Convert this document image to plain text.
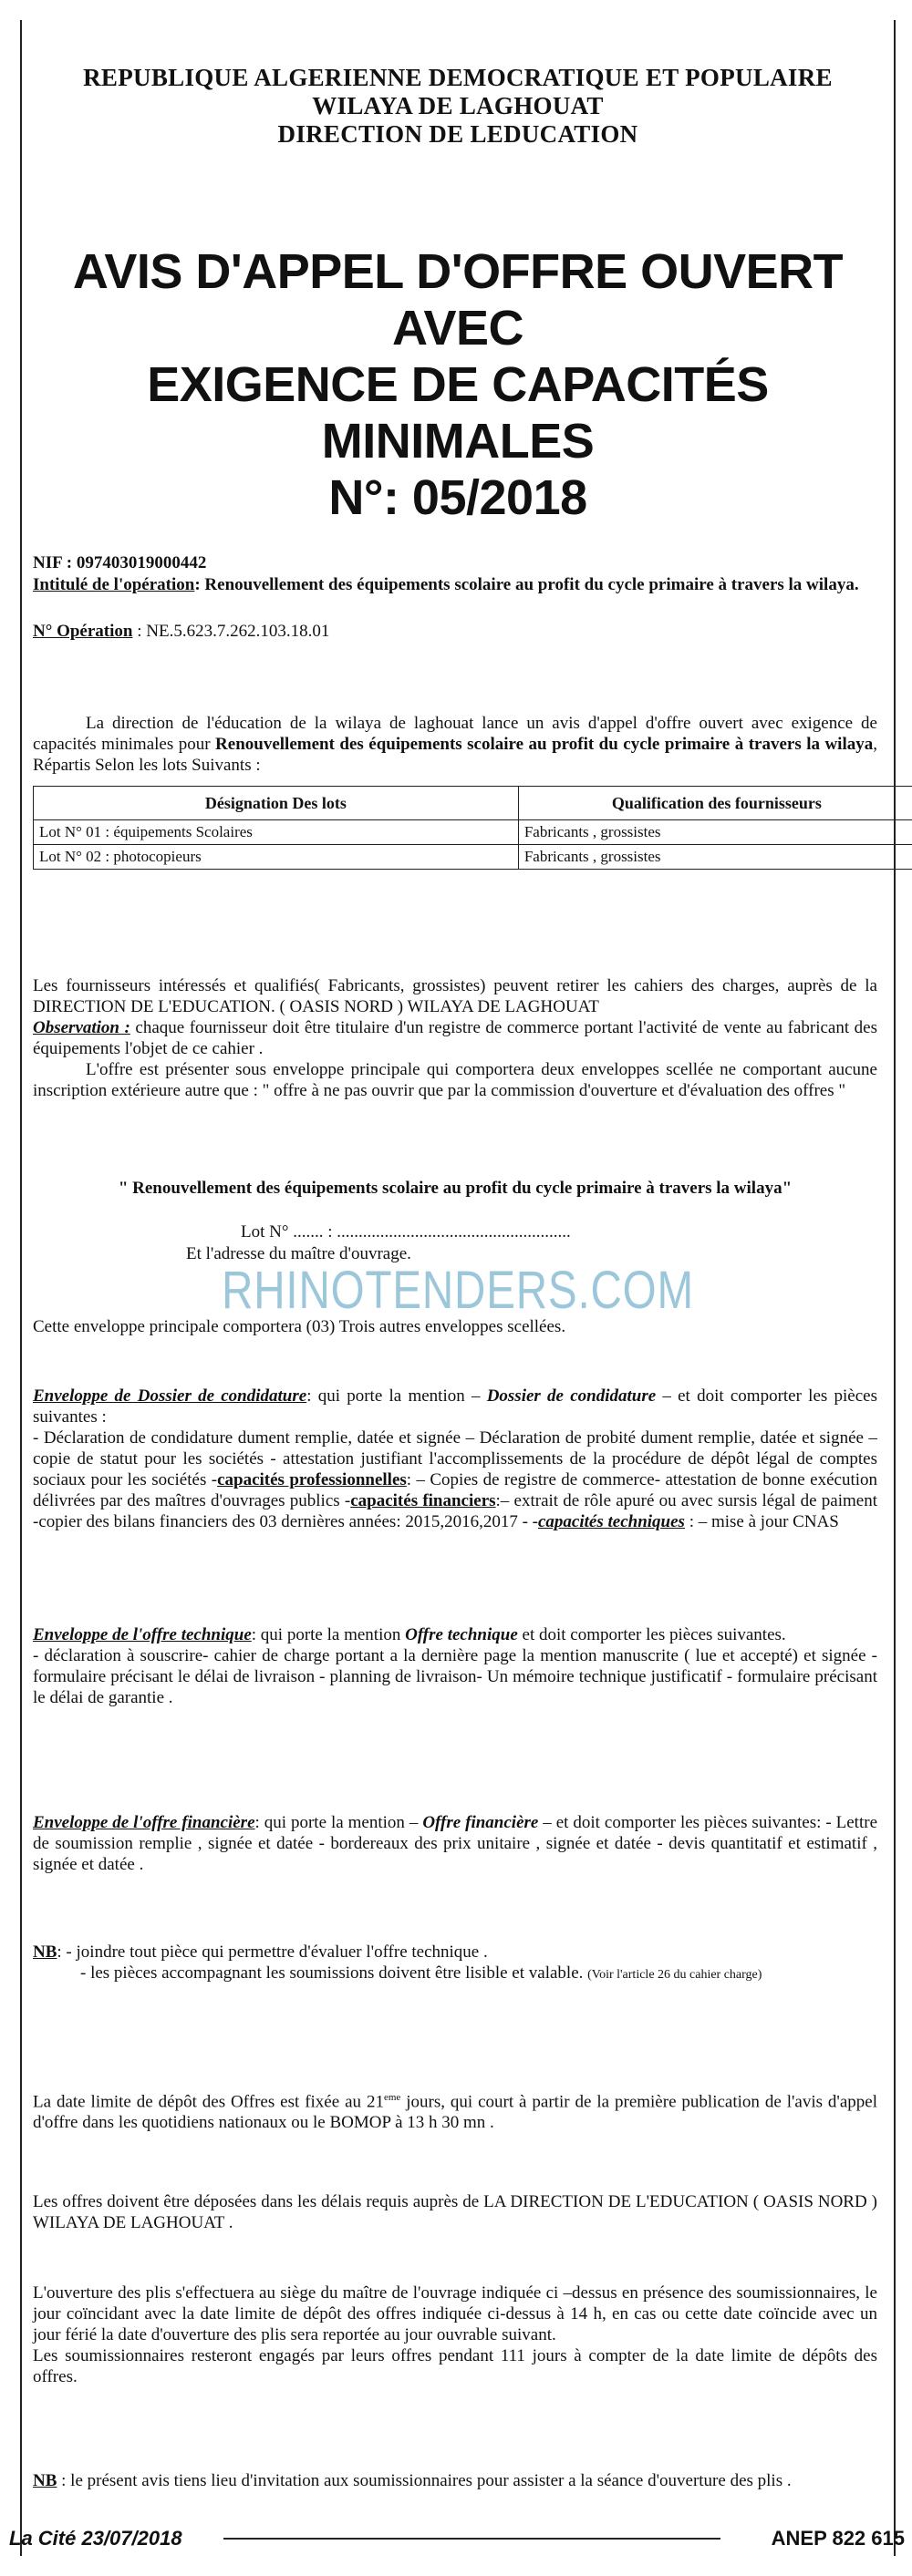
REPUBLIQUE ALGERIENNE DEMOCRATIQUE ET POPULAIRE
WILAYA DE LAGHOUAT
DIRECTION DE LEDUCATION
AVIS D'APPEL D'OFFRE OUVERT AVEC
EXIGENCE DE CAPACITÉS MINIMALES
N°: 05/2018
NIF : 097403019000442
Intitulé de l'opération: Renouvellement des équipements scolaire au profit du cycle primaire à travers la wilaya.
N° Opération : NE.5.623.7.262.103.18.01
La direction de l'éducation de la wilaya de laghouat lance un avis d'appel d'offre ouvert avec exigence de capacités minimales pour Renouvellement des équipements scolaire au profit du cycle primaire à travers la wilaya, Répartis Selon les lots Suivants :
Désignation Des lots	Qualification des fournisseurs
Lot N° 01 : équipements Scolaires	Fabricants , grossistes
Lot N° 02 : photocopieurs	Fabricants , grossistes
Les fournisseurs intéressés et qualifiés( Fabricants, grossistes) peuvent retirer les cahiers des charges, auprès de la DIRECTION DE L'EDUCATION. ( OASIS NORD ) WILAYA DE LAGHOUAT
Observation : chaque fournisseur doit être titulaire d'un registre de commerce portant l'activité de vente au fabricant des équipements l'objet de ce cahier .
L'offre est présenter sous enveloppe principale qui comportera deux enveloppes scellée ne comportant aucune inscription extérieure autre que : " offre à ne pas ouvrir que par la commission d'ouverture et d'évaluation des offres "
" Renouvellement des équipements scolaire au profit du cycle primaire à travers la wilaya"
Lot N° ....... : ......................................................
Et l'adresse du maître d'ouvrage.
RHINOTENDERS.COM
Cette enveloppe principale comportera (03) Trois autres enveloppes scellées.
Enveloppe de Dossier de condidature: qui porte la mention – Dossier de condidature – et doit comporter les pièces suivantes :
- Déclaration de condidature dument remplie, datée et signée – Déclaration de probité dument remplie, datée et signée – copie de statut pour les sociétés - attestation justifiant l'accomplissements de la procédure de dépôt légal de comptes sociaux pour les sociétés -capacités professionnelles: – Copies de registre de commerce- attestation de bonne exécution délivrées par des maîtres d'ouvrages publics -capacités financiers:– extrait de rôle apuré ou avec sursis légal de paiment -copier des bilans financiers des 03 dernières années: 2015,2016,2017 - -capacités techniques : – mise à jour CNAS
Enveloppe de l'offre technique: qui porte la mention Offre technique et doit comporter les pièces suivantes.
- déclaration à souscrire- cahier de charge portant a la dernière page la mention manuscrite ( lue et accepté) et signée - formulaire précisant le délai de livraison - planning de livraison- Un mémoire technique justificatif - formulaire précisant le délai de garantie .
Enveloppe de l'offre financière: qui porte la mention – Offre financière – et doit comporter les pièces suivantes: - Lettre de soumission remplie , signée et datée - bordereaux des prix unitaire , signée et datée - devis quantitatif et estimatif , signée et datée .
NB: - joindre tout pièce qui permettre d'évaluer l'offre technique .
- les pièces accompagnant les soumissions doivent être lisible et valable. (Voir l'article 26 du cahier charge)
La date limite de dépôt des Offres est fixée au 21eme jours, qui court à partir de la première publication de l'avis d'appel d'offre dans les quotidiens nationaux ou le BOMOP à 13 h 30 mn .
Les offres doivent être déposées dans les délais requis auprès de LA DIRECTION DE L'EDUCATION ( OASIS NORD ) WILAYA DE LAGHOUAT .
L'ouverture des plis s'effectuera au siège du maître de l'ouvrage indiquée ci –dessus en présence des soumissionnaires, le jour coïncidant avec la date limite de dépôt des offres indiquée ci-dessus à 14 h, en cas ou cette date coïncide avec un jour férié la date d'ouverture des plis sera reportée au jour ouvrable suivant.
Les soumissionnaires resteront engagés par leurs offres pendant 111 jours à compter de la date limite de dépôts des offres.
NB : le présent avis tiens lieu d'invitation aux soumissionnaires pour assister a la séance d'ouverture des plis .
La Cité 23/07/2018	ANEP 822 615
